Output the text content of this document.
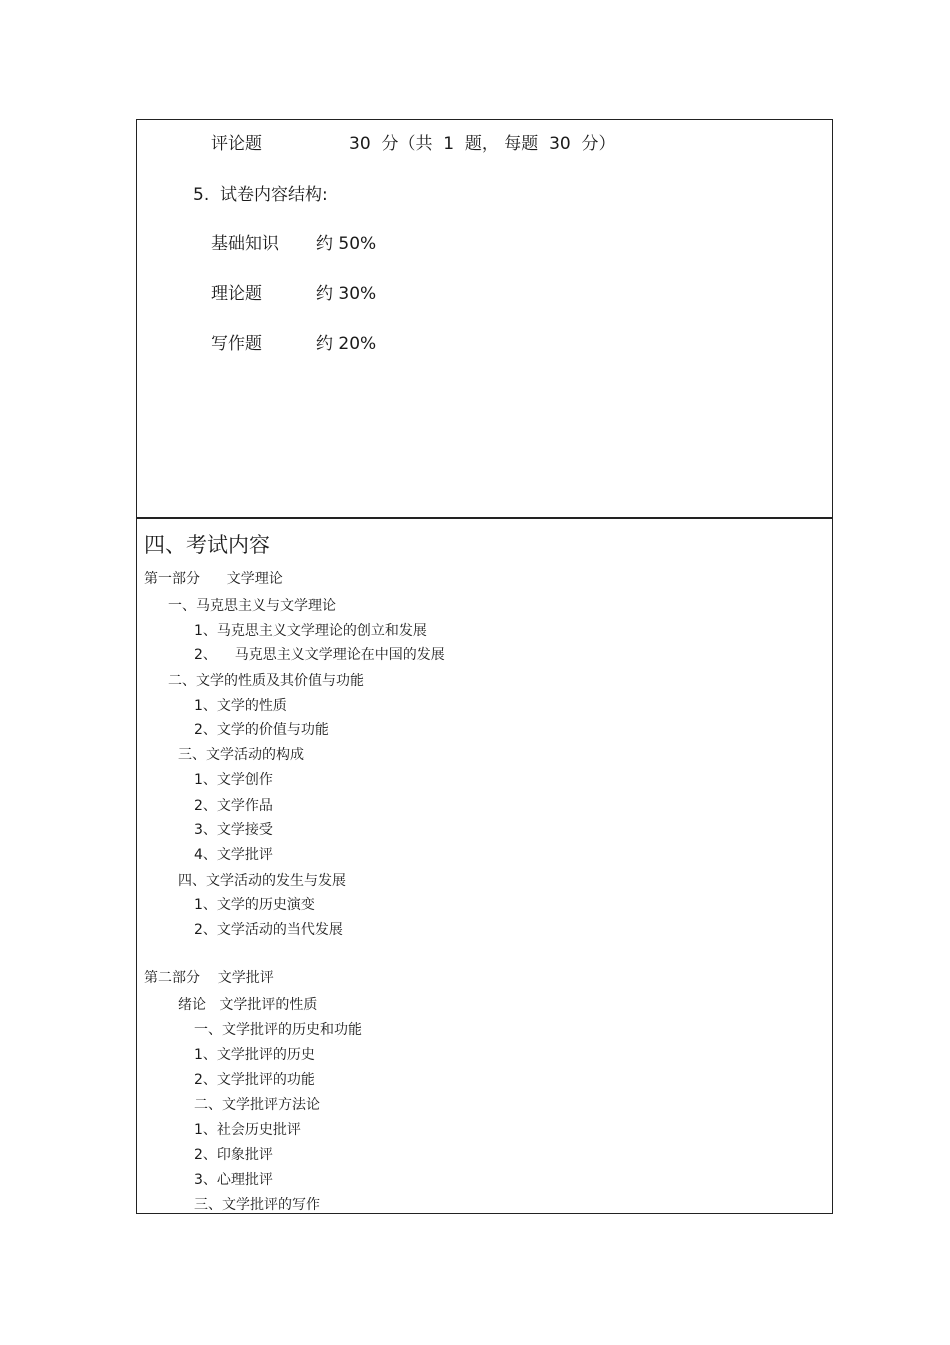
评论题	30  分（共  1  题， 每题  30  分）
5.  试卷内容结构:
基础知识 约 50%
理论题	约 30%
写作题	约 20%
四、考试内容
第一部分      文学理论
一、马克思主义与文学理论
1、马克思主义文学理论的创立和发展
2、    马克思主义文学理论在中国的发展
二、文学的性质及其价值与功能
1、文学的性质
2、文学的价值与功能
三、文学活动的构成
1、文学创作
2、文学作品
3、文学接受
4、文学批评
四、文学活动的发生与发展
1、文学的历史演变
2、文学活动的当代发展
第二部分    文学批评
绪论   文学批评的性质
一、文学批评的历史和功能
1、文学批评的历史
2、文学批评的功能
二、文学批评方法论
1、社会历史批评
2、印象批评
3、心理批评
三、文学批评的写作
